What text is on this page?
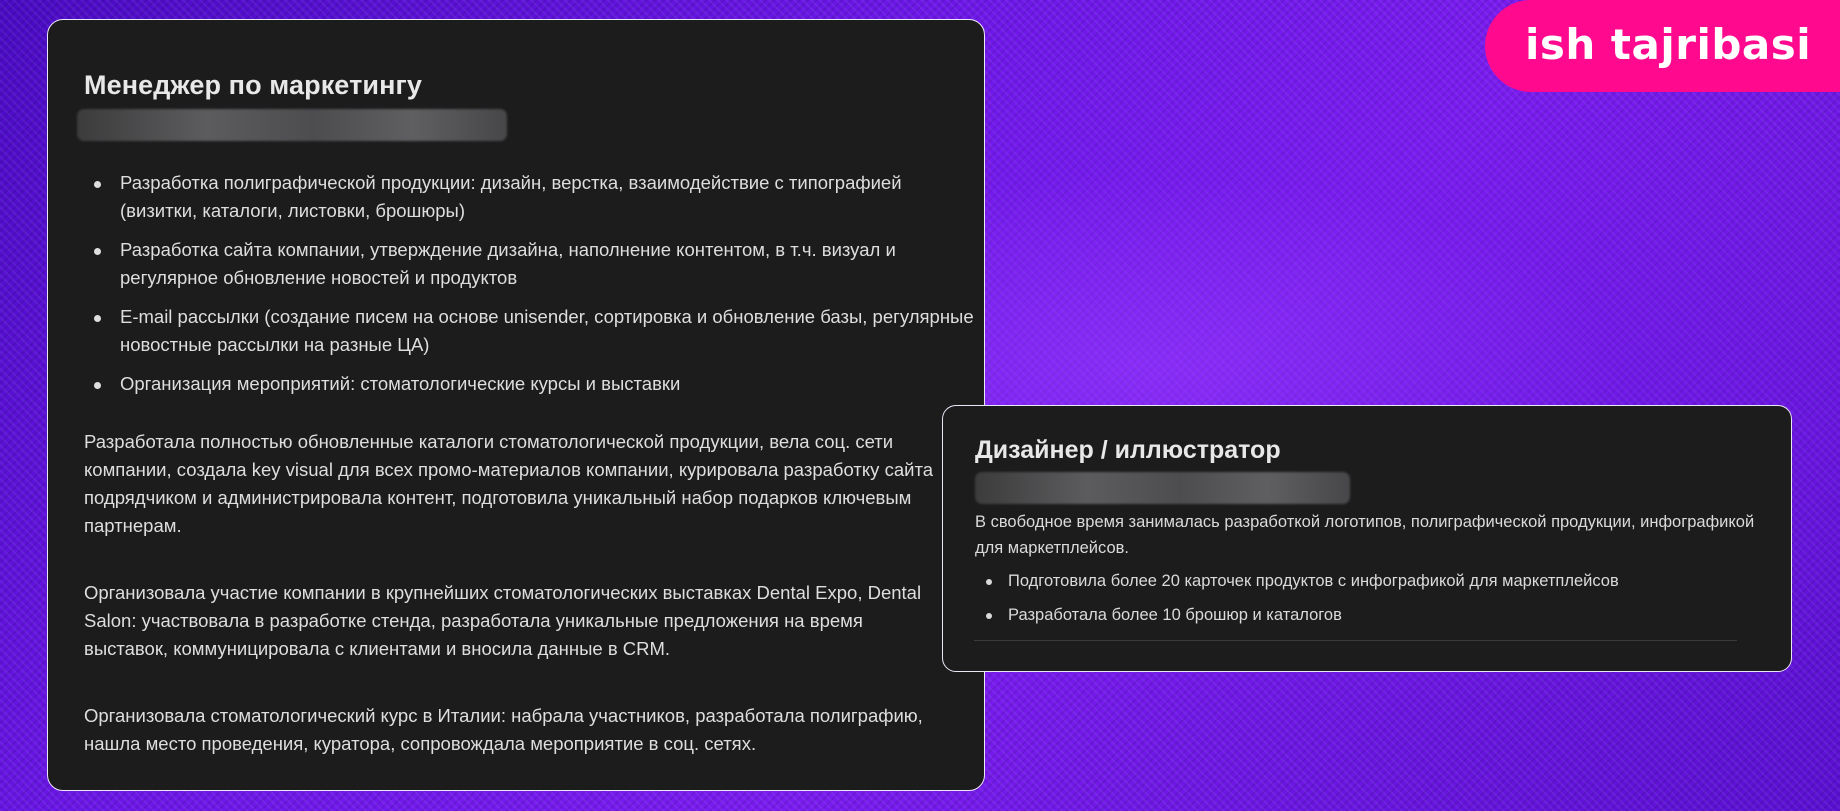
Менеджер по маркетингу
Разработка полиграфической продукции: дизайн, верстка, взаимодействие с типографией (визитки, каталоги, листовки, брошюры)
Разработка сайта компании, утверждение дизайна, наполнение контентом, в т.ч. визуал и регулярное обновление новостей и продуктов
E-mail рассылки (создание писем на основе unisender, сортировка и обновление базы, регулярные новостные рассылки на разные ЦА)
Организация мероприятий: стоматологические курсы и выставки

Разработала полностью обновленные каталоги стоматологической продукции, вела соц. сети компании, создала key visual для всех промо-материалов компании, курировала разработку сайта подрядчиком и администрировала контент, подготовила уникальный набор подарков ключевым партнерам.

Организовала участие компании в крупнейших стоматологических выставках Dental Expo, Dental Salon: участвовала в разработке стенда, разработала уникальные предложения на время выставок, коммуницировала с клиентами и вносила данные в CRM.

Организовала стоматологический курс в Италии: набрала участников, разработала полиграфию, нашла место проведения, куратора, сопровождала мероприятие в соц. сетях.

Дизайнер / иллюстратор

В свободное время занималась разработкой логотипов, полиграфической продукции, инфографикой для маркетплейсов.

Подготовила более 20 карточек продуктов с инфографикой для маркетплейсов
Разработала более 10 брошюр и каталогов
ish tajribasi
